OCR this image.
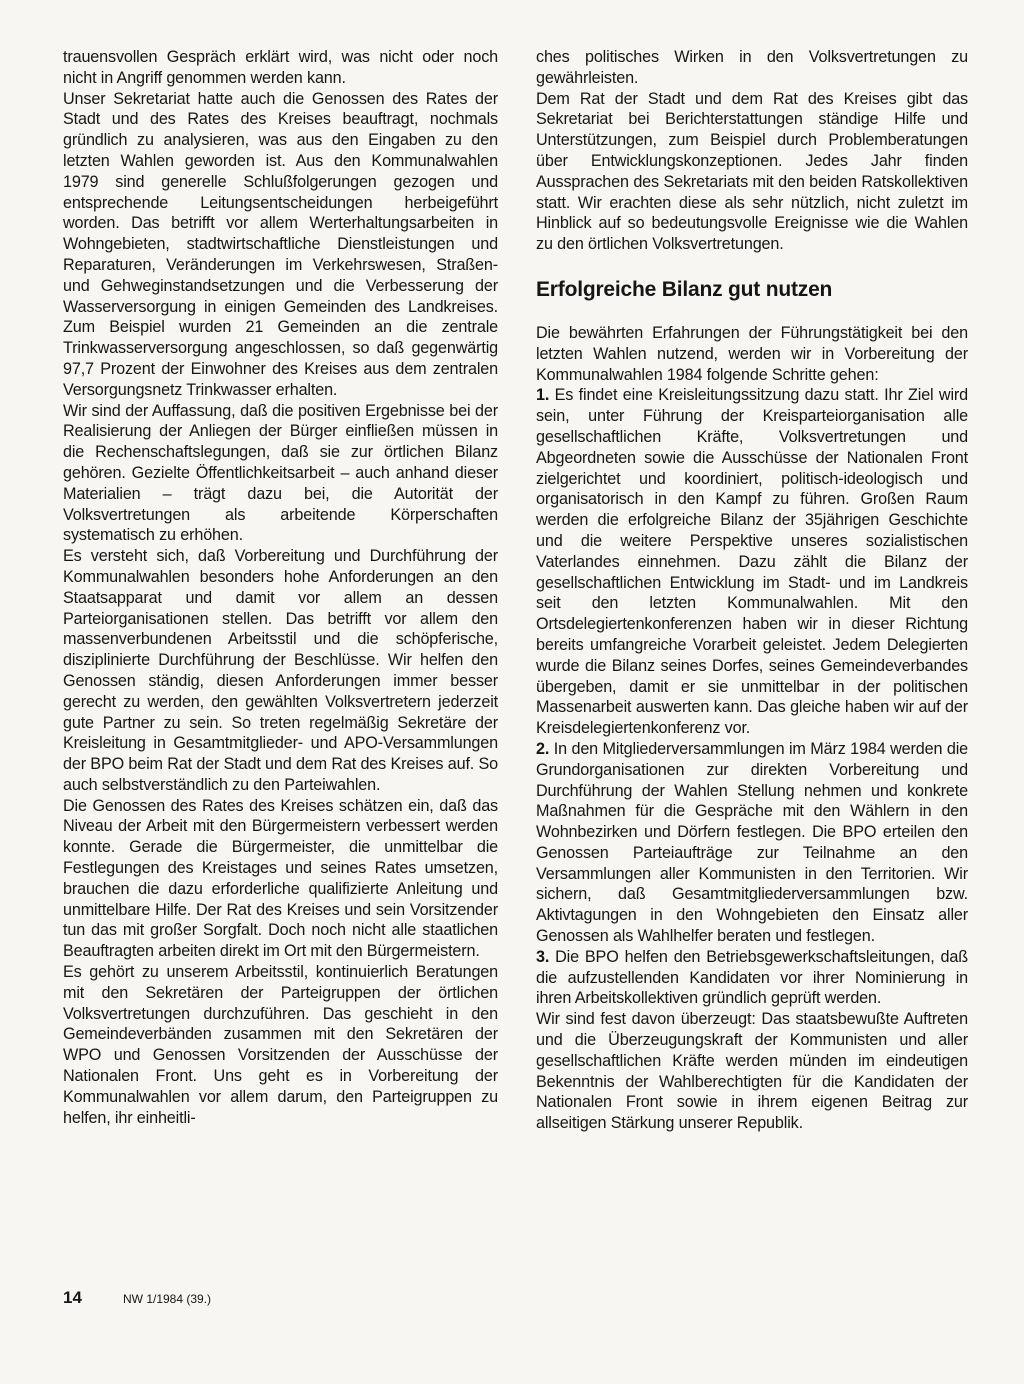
trauensvollen Gespräch erklärt wird, was nicht oder noch nicht in Angriff genommen werden kann.

Unser Sekretariat hatte auch die Genossen des Rates der Stadt und des Rates des Kreises beauftragt, nochmals gründlich zu analysieren, was aus den Eingaben zu den letzten Wahlen geworden ist. Aus den Kommunalwahlen 1979 sind generelle Schlußfolgerungen gezogen und entsprechende Leitungsentscheidungen herbeigeführt worden. Das betrifft vor allem Werterhaltungsarbeiten in Wohngebieten, stadtwirtschaftliche Dienstleistungen und Reparaturen, Veränderungen im Verkehrswesen, Straßen- und Gehweginstandsetzungen und die Verbesserung der Wasserversorgung in einigen Gemeinden des Landkreises. Zum Beispiel wurden 21 Gemeinden an die zentrale Trinkwasserversorgung angeschlossen, so daß gegenwärtig 97,7 Prozent der Einwohner des Kreises aus dem zentralen Versorgungsnetz Trinkwasser erhalten.

Wir sind der Auffassung, daß die positiven Ergebnisse bei der Realisierung der Anliegen der Bürger einfließen müssen in die Rechenschaftslegungen, daß sie zur örtlichen Bilanz gehören. Gezielte Öffentlichkeitsarbeit – auch anhand dieser Materialien – trägt dazu bei, die Autorität der Volksvertretungen als arbeitende Körperschaften systematisch zu erhöhen.

Es versteht sich, daß Vorbereitung und Durchführung der Kommunalwahlen besonders hohe Anforderungen an den Staatsapparat und damit vor allem an dessen Parteiorganisationen stellen. Das betrifft vor allem den massenverbundenen Arbeitsstil und die schöpferische, disziplinierte Durchführung der Beschlüsse. Wir helfen den Genossen ständig, diesen Anforderungen immer besser gerecht zu werden, den gewählten Volksvertretern jederzeit gute Partner zu sein. So treten regelmäßig Sekretäre der Kreisleitung in Gesamtmitglieder- und APO-Versammlungen der BPO beim Rat der Stadt und dem Rat des Kreises auf. So auch selbstverständlich zu den Parteiwahlen.

Die Genossen des Rates des Kreises schätzen ein, daß das Niveau der Arbeit mit den Bürgermeistern verbessert werden konnte. Gerade die Bürgermeister, die unmittelbar die Festlegungen des Kreistages und seines Rates umsetzen, brauchen die dazu erforderliche qualifizierte Anleitung und unmittelbare Hilfe. Der Rat des Kreises und sein Vorsitzender tun das mit großer Sorgfalt. Doch noch nicht alle staatlichen Beauftragten arbeiten direkt im Ort mit den Bürgermeistern.

Es gehört zu unserem Arbeitsstil, kontinuierlich Beratungen mit den Sekretären der Parteigruppen der örtlichen Volksvertretungen durchzuführen. Das geschieht in den Gemeindeverbänden zusammen mit den Sekretären der WPO und Genossen Vorsitzenden der Ausschüsse der Nationalen Front. Uns geht es in Vorbereitung der Kommunalwahlen vor allem darum, den Parteigruppen zu helfen, ihr einheitli-

ches politisches Wirken in den Volksvertretungen zu gewährleisten.

Dem Rat der Stadt und dem Rat des Kreises gibt das Sekretariat bei Berichterstattungen ständige Hilfe und Unterstützungen, zum Beispiel durch Problemberatungen über Entwicklungskonzeptionen. Jedes Jahr finden Aussprachen des Sekretariats mit den beiden Ratskollektiven statt. Wir erachten diese als sehr nützlich, nicht zuletzt im Hinblick auf so bedeutungsvolle Ereignisse wie die Wahlen zu den örtlichen Volksvertretungen.

Erfolgreiche Bilanz gut nutzen

Die bewährten Erfahrungen der Führungstätigkeit bei den letzten Wahlen nutzend, werden wir in Vorbereitung der Kommunalwahlen 1984 folgende Schritte gehen:

1. Es findet eine Kreisleitungssitzung dazu statt. Ihr Ziel wird sein, unter Führung der Kreisparteiorganisation alle gesellschaftlichen Kräfte, Volksvertretungen und Abgeordneten sowie die Ausschüsse der Nationalen Front zielgerichtet und koordiniert, politisch-ideologisch und organisatorisch in den Kampf zu führen. Großen Raum werden die erfolgreiche Bilanz der 35jährigen Geschichte und die weitere Perspektive unseres sozialistischen Vaterlandes einnehmen. Dazu zählt die Bilanz der gesellschaftlichen Entwicklung im Stadt- und im Landkreis seit den letzten Kommunalwahlen. Mit den Ortsdelegiertenkonferenzen haben wir in dieser Richtung bereits umfangreiche Vorarbeit geleistet. Jedem Delegierten wurde die Bilanz seines Dorfes, seines Gemeindeverbandes übergeben, damit er sie unmittelbar in der politischen Massenarbeit auswerten kann. Das gleiche haben wir auf der Kreisdelegiertenkonferenz vor.

2. In den Mitgliederversammlungen im März 1984 werden die Grundorganisationen zur direkten Vorbereitung und Durchführung der Wahlen Stellung nehmen und konkrete Maßnahmen für die Gespräche mit den Wählern in den Wohnbezirken und Dörfern festlegen. Die BPO erteilen den Genossen Parteiaufträge zur Teilnahme an den Versammlungen aller Kommunisten in den Territorien. Wir sichern, daß Gesamtmitgliederversammlungen bzw. Aktivtagungen in den Wohngebieten den Einsatz aller Genossen als Wahlhelfer beraten und festlegen.

3. Die BPO helfen den Betriebsgewerkschaftsleitungen, daß die aufzustellenden Kandidaten vor ihrer Nominierung in ihren Arbeitskollektiven gründlich geprüft werden.

Wir sind fest davon überzeugt: Das staatsbewußte Auftreten und die Überzeugungskraft der Kommunisten und aller gesellschaftlichen Kräfte werden münden im eindeutigen Bekenntnis der Wahlberechtigten für die Kandidaten der Nationalen Front sowie in ihrem eigenen Beitrag zur allseitigen Stärkung unserer Republik.

14	NW 1/1984 (39.)
